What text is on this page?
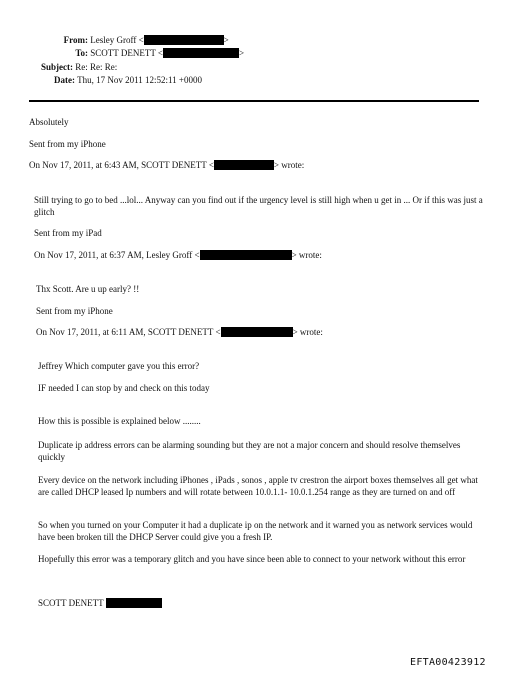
From: Lesley Groff <	>
To: SCOTT DENETT <	>
Subject: Re: Re: Re:
Date: Thu, 17 Nov 2011 12:52:11 +0000
Absolutely
Sent from my iPhone
On Nov 17, 2011, at 6:43 AM, SCOTT DENETT <	> wrote:
Still trying to go to bed ...lol... Anyway can you find out if the urgency level is still high when u get in ... Or if this was just a glitch
Sent from my iPad
On Nov 17, 2011, at 6:37 AM, Lesley Groff <	> wrote:
Thx Scott. Are u up early? !!
Sent from my iPhone
On Nov 17, 2011, at 6:11 AM, SCOTT DENETT <	> wrote:
Jeffrey Which computer gave you this error?
IF needed I can stop by and check on this today
How this is possible is explained below ........
Duplicate ip address errors can be alarming sounding but they are not a major concern and should resolve themselves quickly
Every device on the network including iPhones , iPads , sonos , apple tv crestron the airport boxes themselves all get what are called DHCP leased Ip numbers and will rotate between 10.0.1.1- 10.0.1.254 range as they are turned on and off
So when you turned on your Computer it had a duplicate ip on the network and it warned you as network services would have been broken till the DHCP Server could give you a fresh IP.
Hopefully this error was a temporary glitch and you have since been able to connect to your network without this error
SCOTT DENETT
EFTA00423912
